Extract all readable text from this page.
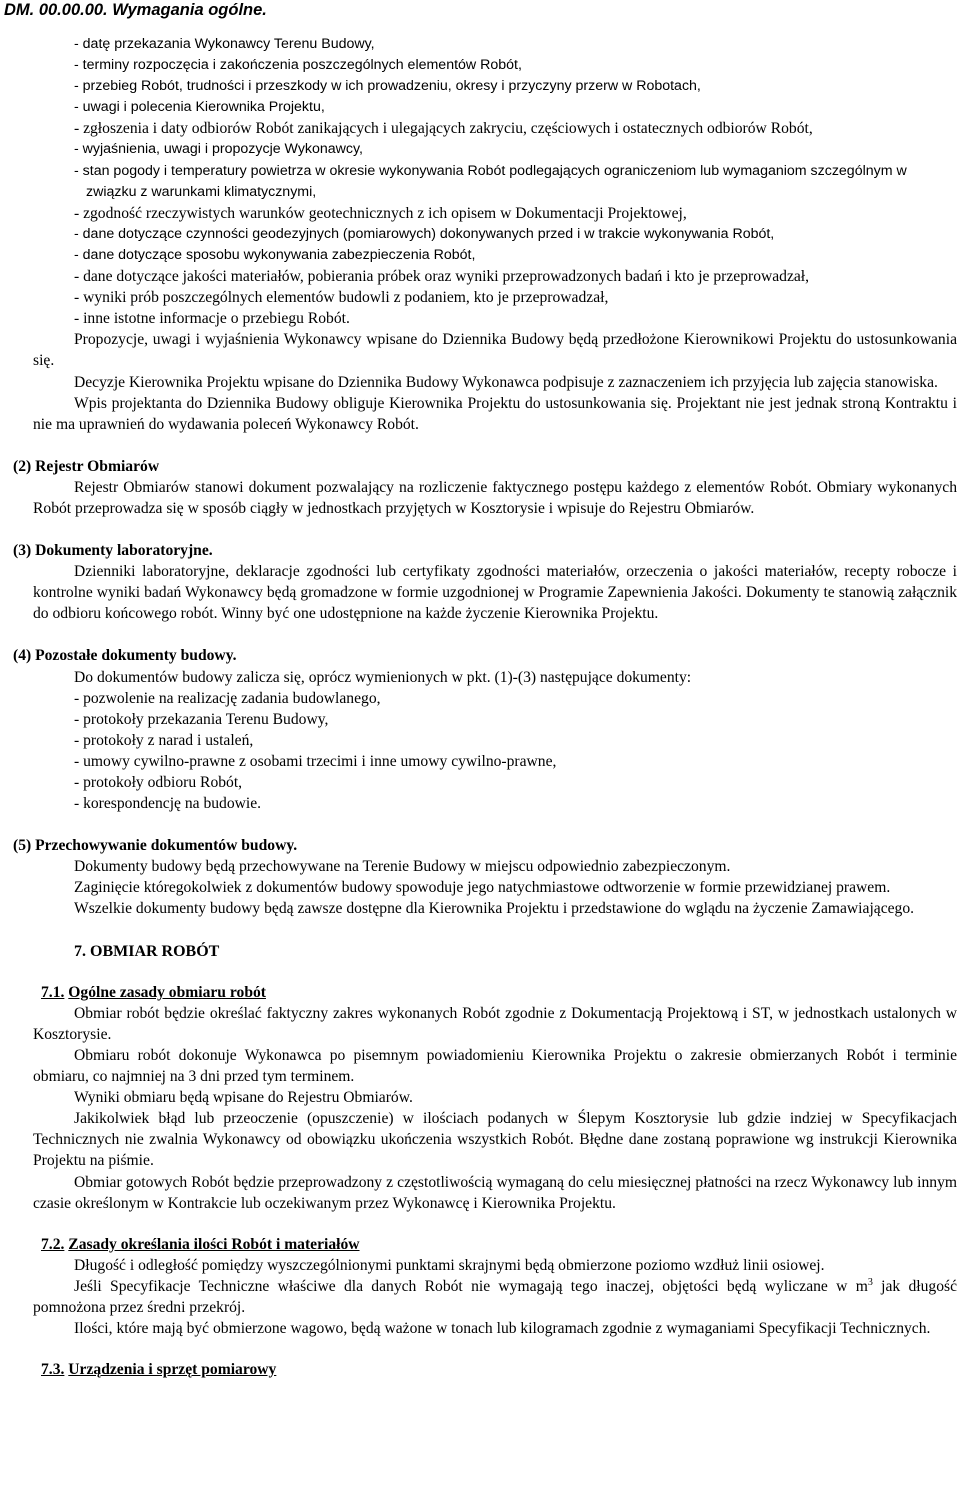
DM. 00.00.00. Wymagania ogólne.
- datę przekazania Wykonawcy Terenu Budowy,
- terminy rozpoczęcia i zakończenia poszczególnych elementów Robót,
- przebieg Robót, trudności i przeszkody w ich prowadzeniu, okresy i przyczyny przerw w Robotach,
- uwagi i polecenia Kierownika Projektu,
- zgłoszenia i daty odbiorów Robót zanikających i ulegających zakryciu, częściowych i ostatecznych odbiorów Robót,
- wyjaśnienia, uwagi i propozycje Wykonawcy,
- stan pogody i temperatury powietrza w okresie wykonywania Robót podlegających ograniczeniom lub wymaganiom szczególnym w związku z warunkami klimatycznymi,
- zgodność rzeczywistych warunków geotechnicznych z ich opisem w Dokumentacji Projektowej,
- dane dotyczące czynności geodezyjnych (pomiarowych) dokonywanych przed i w trakcie wykonywania Robót,
- dane dotyczące sposobu wykonywania zabezpieczenia Robót,
- dane dotyczące jakości materiałów, pobierania próbek oraz wyniki przeprowadzonych badań i kto je przeprowadzał,
- wyniki prób poszczególnych elementów budowli z podaniem, kto je przeprowadzał,
- inne istotne informacje o przebiegu Robót.

Propozycje, uwagi i wyjaśnienia Wykonawcy wpisane do Dziennika Budowy będą przedłożone Kierownikowi Projektu do ustosunkowania się.

Decyzje Kierownika Projektu wpisane do Dziennika Budowy Wykonawca podpisuje z zaznaczeniem ich przyjęcia lub zajęcia stanowiska.

Wpis projektanta do Dziennika Budowy obliguje Kierownika Projektu do ustosunkowania się. Projektant nie jest jednak stroną Kontraktu i nie ma uprawnień do wydawania poleceń Wykonawcy Robót.

(2) Rejestr Obmiarów

Rejestr Obmiarów stanowi dokument pozwalający na rozliczenie faktycznego postępu każdego z elementów Robót. Obmiary wykonanych Robót przeprowadza się w sposób ciągły w jednostkach przyjętych w Kosztorysie i wpisuje do Rejestru Obmiarów.

(3) Dokumenty laboratoryjne.

Dzienniki laboratoryjne, deklaracje zgodności lub certyfikaty zgodności materiałów, orzeczenia o jakości materiałów, recepty robocze i kontrolne wyniki badań Wykonawcy będą gromadzone w formie uzgodnionej w Programie Zapewnienia Jakości. Dokumenty te stanowią załącznik do odbioru końcowego robót. Winny być one udostępnione na każde życzenie Kierownika Projektu.

(4) Pozostałe dokumenty budowy.

Do dokumentów budowy zalicza się, oprócz wymienionych w pkt. (1)-(3) następujące dokumenty:

- pozwolenie na realizację zadania budowlanego,
- protokoły przekazania Terenu Budowy,
- protokoły z narad i ustaleń,
- umowy cywilno-prawne z osobami trzecimi i inne umowy cywilno-prawne,
- protokoły odbioru Robót,
- korespondencję na budowie.
(5) Przechowywanie dokumentów budowy.

Dokumenty budowy będą przechowywane na Terenie Budowy w miejscu odpowiednio zabezpieczonym.

Zaginięcie któregokolwiek z dokumentów budowy spowoduje jego natychmiastowe odtworzenie w formie przewidzianej prawem.

Wszelkie dokumenty budowy będą zawsze dostępne dla Kierownika Projektu i przedstawione do wglądu na życzenie Zamawiającego.

7. OBMIAR ROBÓT
7.1. Ogólne zasady obmiaru robót

Obmiar robót będzie określać faktyczny zakres wykonanych Robót zgodnie z Dokumentacją Projektową i ST, w jednostkach ustalonych w Kosztorysie.

Obmiaru robót dokonuje Wykonawca po pisemnym powiadomieniu Kierownika Projektu o zakresie obmierzanych Robót i terminie obmiaru, co najmniej na 3 dni przed tym terminem.

Wyniki obmiaru będą wpisane do Rejestru Obmiarów.

Jakikolwiek błąd lub przeoczenie (opuszczenie) w ilościach podanych w Ślepym Kosztorysie lub gdzie indziej w Specyfikacjach Technicznych nie zwalnia Wykonawcy od obowiązku ukończenia wszystkich Robót. Błędne dane zostaną poprawione wg instrukcji Kierownika Projektu na piśmie.

Obmiar gotowych Robót będzie przeprowadzony z częstotliwością wymaganą do celu miesięcznej płatności na rzecz Wykonawcy lub innym czasie określonym w Kontrakcie lub oczekiwanym przez Wykonawcę i Kierownika Projektu.

7.2. Zasady określania ilości Robót i materiałów

Długość i odległość pomiędzy wyszczególnionymi punktami skrajnymi będą obmierzone poziomo wzdłuż linii osiowej.

Jeśli Specyfikacje Techniczne właściwe dla danych Robót nie wymagają tego inaczej, objętości będą wyliczane w $m^3$ jak długość pomnożona przez średni przekrój.

Ilości, które mają być obmierzone wagowo, będą ważone w tonach lub kilogramach zgodnie z wymaganiami Specyfikacji Technicznych.

7.3. Urządzenia i sprzęt pomiarowy
